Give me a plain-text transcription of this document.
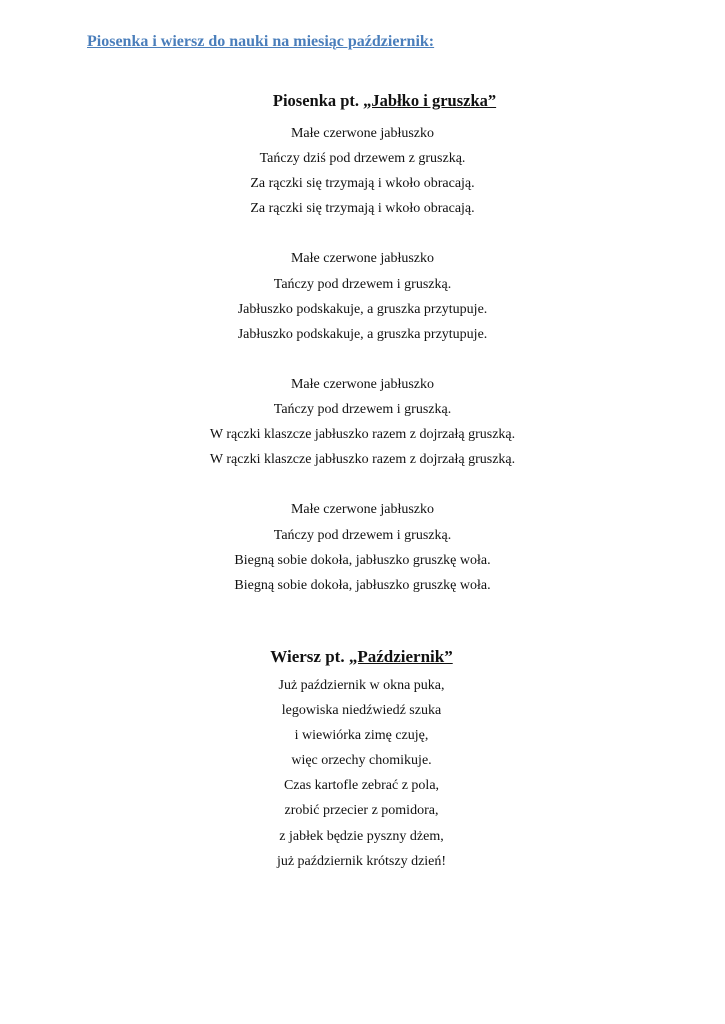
Piosenka i wiersz do nauki na miesiąc październik:
Piosenka pt. „Jabłko i gruszka”
Małe czerwone jabłuszko
Tańczy dziś pod drzewem z gruszką.
Za rączki się trzymają i wkoło obracają.
Za rączki się trzymają i wkoło obracają.
Małe czerwone jabłuszko
Tańczy pod drzewem i gruszką.
Jabłuszko podskakuje, a gruszka przytupuje.
Jabłuszko podskakuje, a gruszka przytupuje.
Małe czerwone jabłuszko
Tańczy pod drzewem i gruszką.
W rączki klaszcze jabłuszko razem z dojrzałą gruszką.
W rączki klaszcze jabłuszko razem z dojrzałą gruszką.
Małe czerwone jabłuszko
Tańczy pod drzewem i gruszką.
Biegną sobie dokoła, jabłuszko gruszkę woła.
Biegną sobie dokoła, jabłuszko gruszkę woła.
Wiersz pt. „Październik”
Już październik w okna puka,
legowiska niedźwiedź szuka
i wiewiórka zimę czuję,
więc orzechy chomikuje.
Czas kartofle zebrać z pola,
zrobić przecier z pomidora,
z jabłek będzie pyszny dżem,
już październik krótszy dzień!
